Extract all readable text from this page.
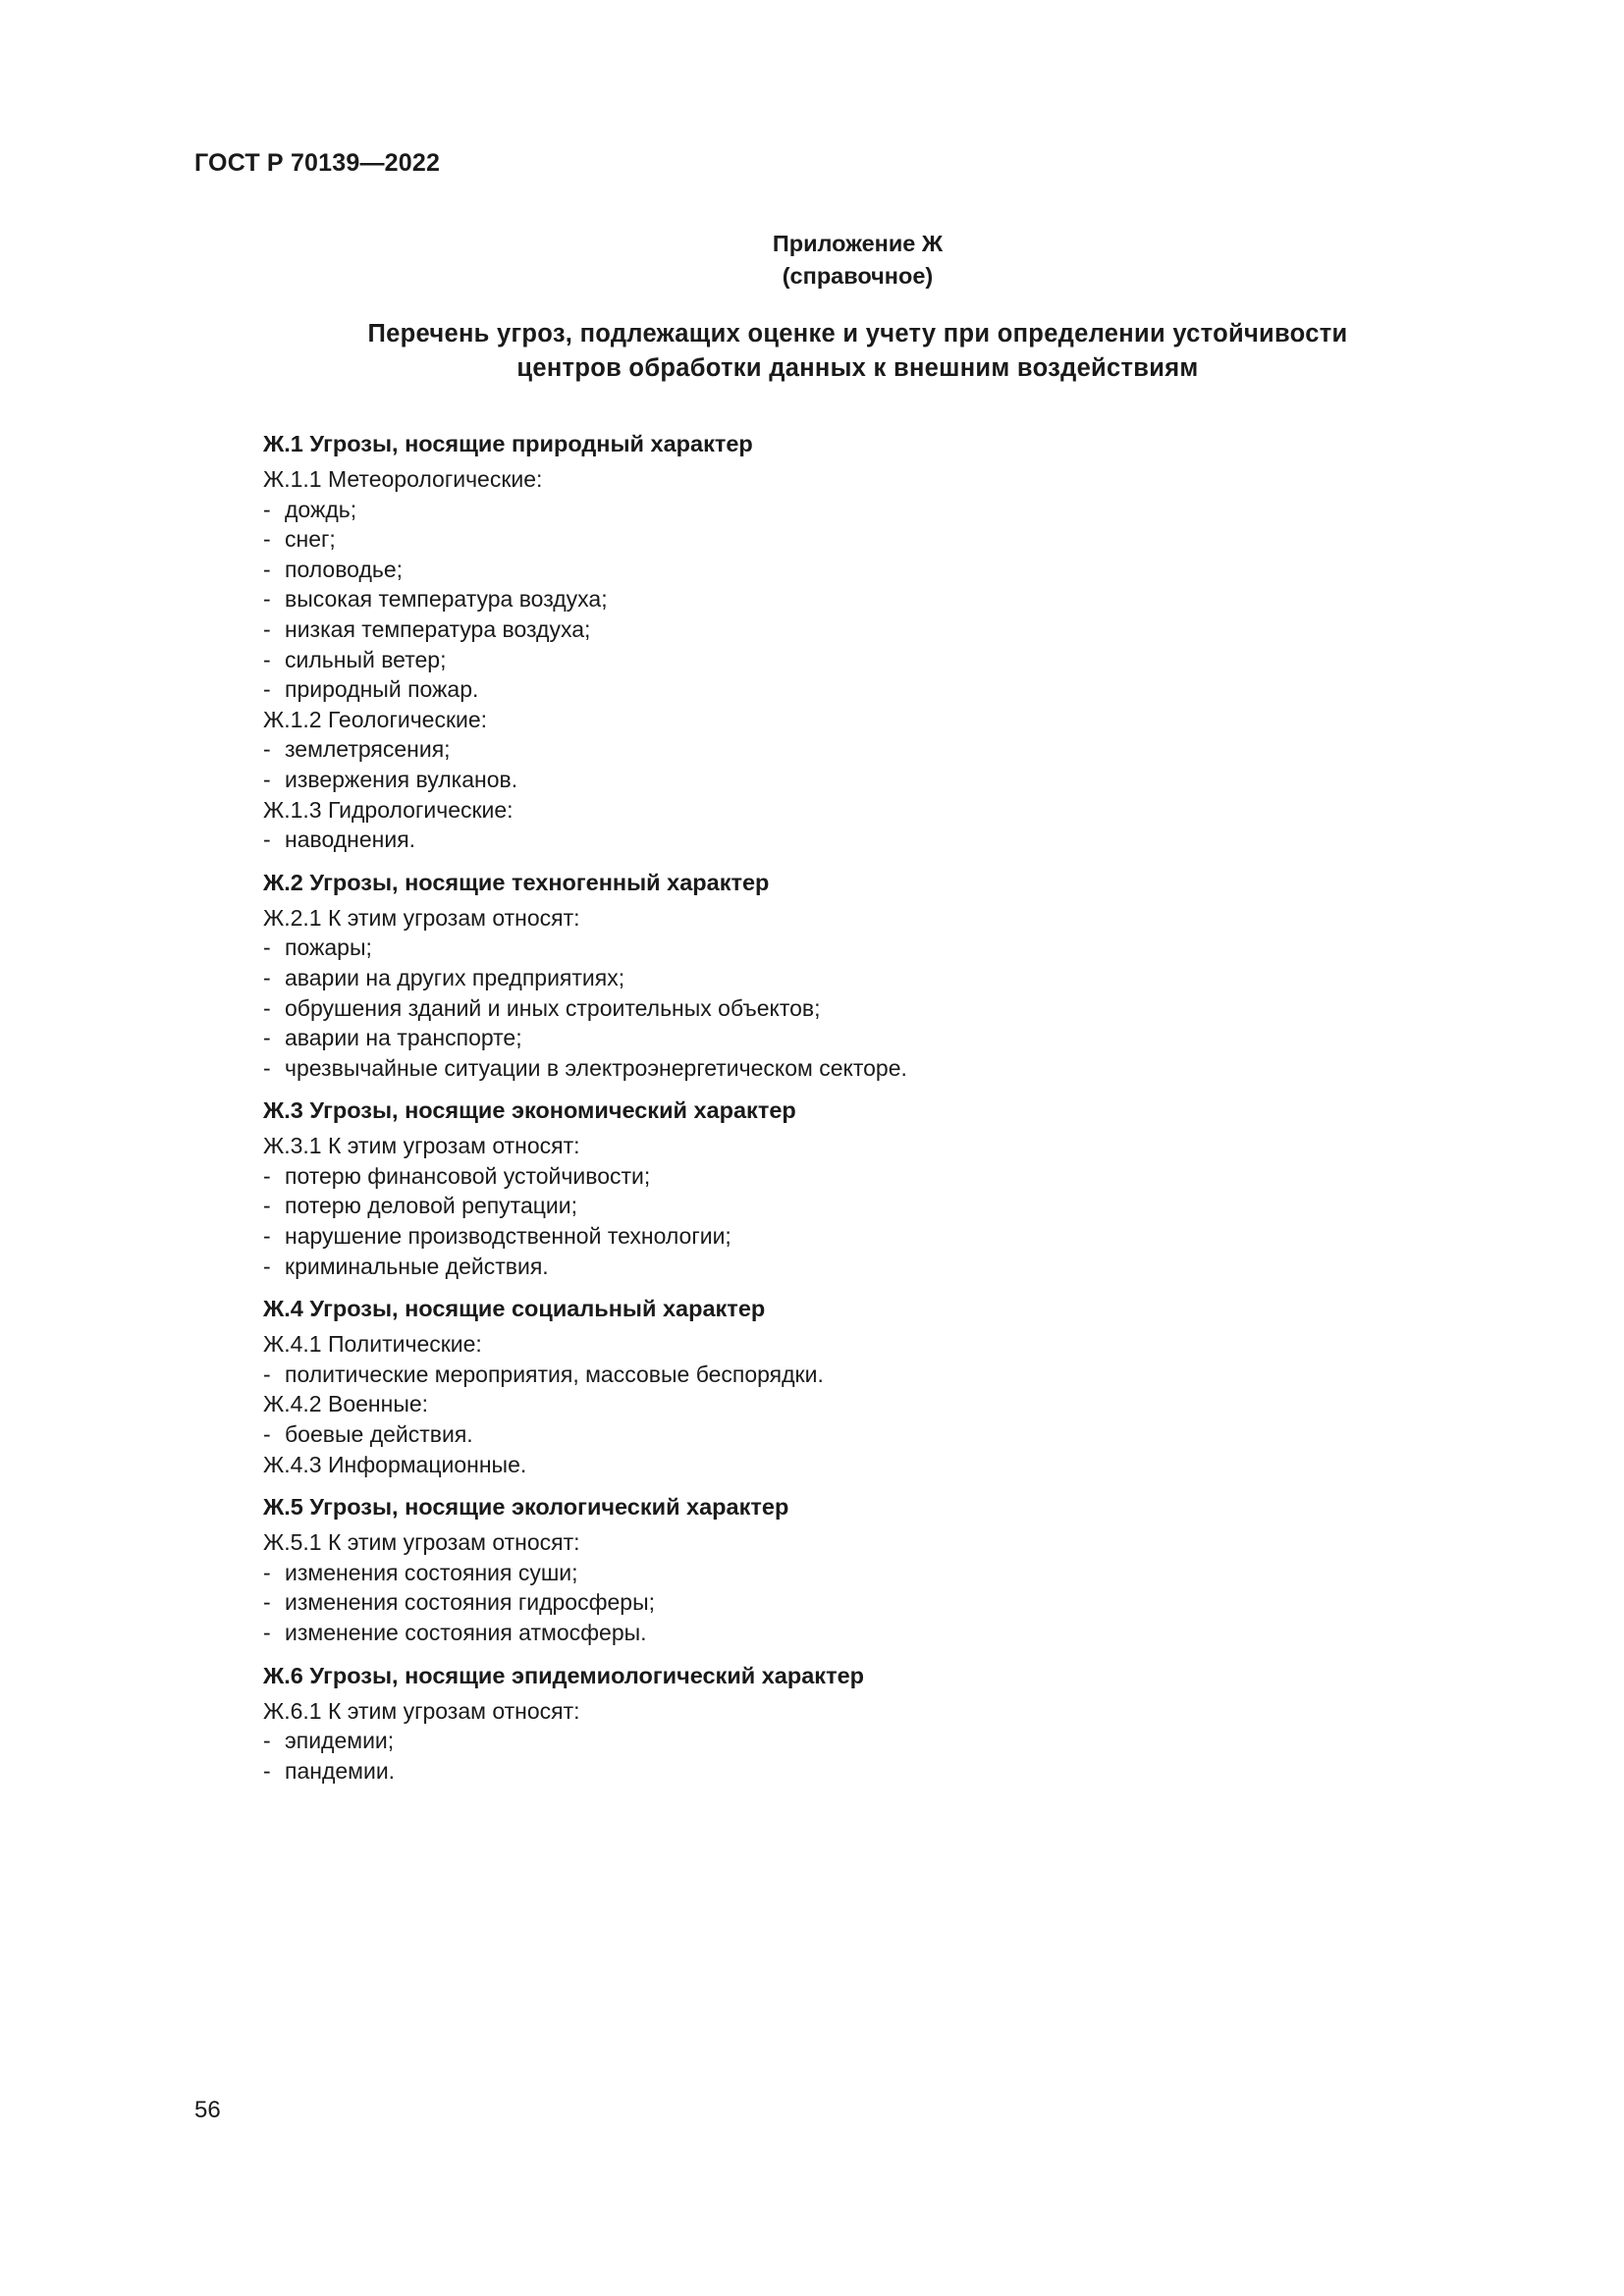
ГОСТ Р 70139—2022
Приложение Ж
(справочное)
Перечень угроз, подлежащих оценке и учету при определении устойчивости
центров обработки данных к внешним воздействиям
Ж.1 Угрозы, носящие природный характер
Ж.1.1 Метеорологические:
- дождь;
- снег;
- половодье;
- высокая температура воздуха;
- низкая температура воздуха;
- сильный ветер;
- природный пожар.
Ж.1.2 Геологические:
- землетрясения;
- извержения вулканов.
Ж.1.3 Гидрологические:
- наводнения.
Ж.2 Угрозы, носящие техногенный характер
Ж.2.1 К этим угрозам относят:
- пожары;
- аварии на других предприятиях;
- обрушения зданий и иных строительных объектов;
- аварии на транспорте;
- чрезвычайные ситуации в электроэнергетическом секторе.
Ж.3 Угрозы, носящие экономический характер
Ж.3.1 К этим угрозам относят:
- потерю финансовой устойчивости;
- потерю деловой репутации;
- нарушение производственной технологии;
- криминальные действия.
Ж.4 Угрозы, носящие социальный характер
Ж.4.1 Политические:
- политические мероприятия, массовые беспорядки.
Ж.4.2 Военные:
- боевые действия.
Ж.4.3 Информационные.
Ж.5 Угрозы, носящие экологический характер
Ж.5.1 К этим угрозам относят:
- изменения состояния суши;
- изменения состояния гидросферы;
- изменение состояния атмосферы.
Ж.6 Угрозы, носящие эпидемиологический характер
Ж.6.1 К этим угрозам относят:
- эпидемии;
- пандемии.
56
